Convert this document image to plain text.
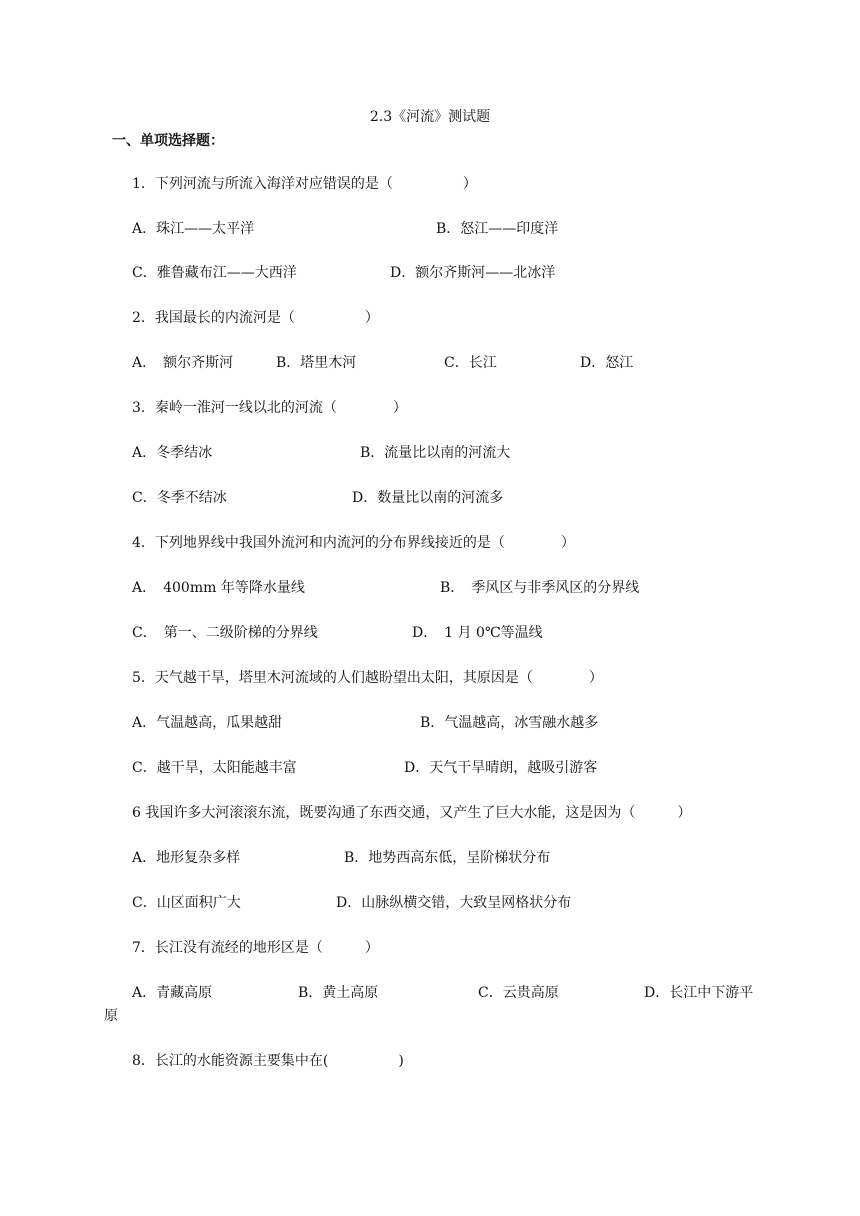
2.3《河流》测试题
一、单项选择题：
1．下列河流与所流入海洋对应错误的是（　　　　　）
A．珠江——太平洋	B．怒江——印度洋
C．雅鲁藏布江——大西洋	D．额尔齐斯河——北冰洋
2．我国最长的内流河是（　　　　　）
A．　额尔齐斯河	B．塔里木河	C．长江	D．怒江
3．秦岭一淮河一线以北的河流（　　　　）
A．冬季结冰	B．流量比以南的河流大
C．冬季不结冰	D．数量比以南的河流多
4．下列地界线中我国外流河和内流河的分布界线接近的是（　　　　）
A．　400mm 年等降水量线	B．　季风区与非季风区的分界线
C．　第一、二级阶梯的分界线	D．　1 月 0℃等温线
5．天气越干旱，塔里木河流域的人们越盼望出太阳，其原因是（　　　　）
A．气温越高，瓜果越甜	B．气温越高，冰雪融水越多
C．越干旱，太阳能越丰富	D．天气干旱晴朗，越吸引游客
6 我国许多大河滚滚东流，既要沟通了东西交通，又产生了巨大水能，这是因为（　　　）
A．地形复杂多样	B．地势西高东低，呈阶梯状分布
C．山区面积广大	D．山脉纵横交错，大致呈网格状分布
7．长江没有流经的地形区是（　　　）
A．青藏高原	B．黄土高原	C．云贵高原	D．长江中下游平
原
8．长江的水能资源主要集中在(　　　　　)
